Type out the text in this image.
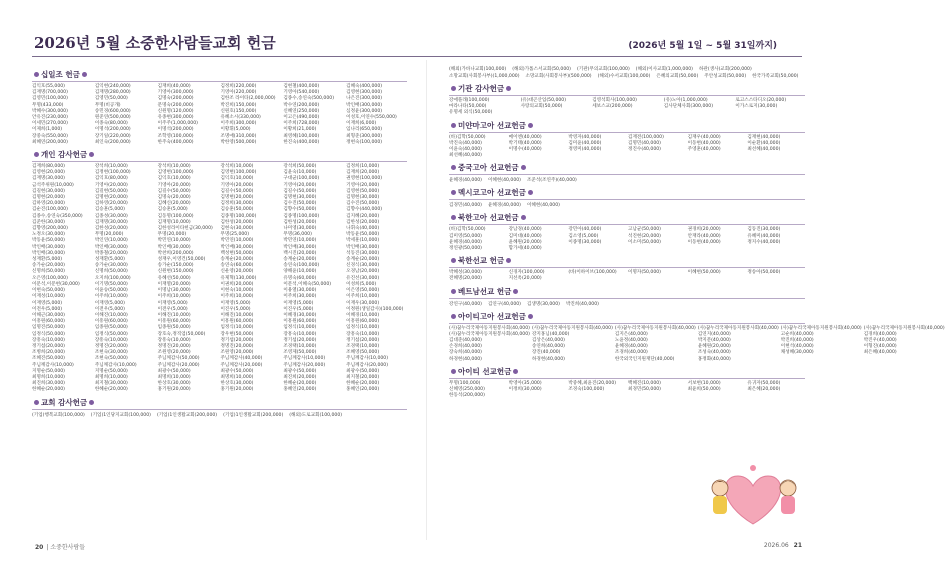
2026년 5월 소중한사람들교회 헌금	(2026년 5월 1일 ~ 5월 31일까지)
십일조 헌금
김익호(55,000)	김익현(240,000)	김재희(40,000)	김정희(220,000)	김현철(400,000)	김혜숙(400,000)
김재명(700,000)	김재명(280,000)	기영아(300,000)	기영아(220,000)	기영아(540,000)	김영현(300,000)
김영민(100,000)	김영민(50,000)	김명숙(200,000)	김한조 라이타(2,000,000)	김종수,송연숙(500,000)	나은진(300,000)
무명(433,000)	무명(비공개)	문명숙(200,000)	박진희(150,000)	박수연(200,000)	박인배(300,000)
박혜수(300,000)	송민경(600,000)	신원명(120,000)	신원호(150,000)	신혜연(250,000)	심정윤(300,000)
안유진(230,000)	원준연(500,000)	유종현(300,000)	유혜소시(330,000)	이고은(490,000)	이성호,이연수(550,000)
이세민(270,000)	이종숙(80,000)	이주주(1,000,000)	이주희(300,000)	이주희(728,000)	이재희(6,000)
이제희(1,000)	이명석(200,000)	이명석(200,000)	이황휘(5,000)	이황희(21,000)	임나리(650,000)
장중숙(550,000)	장기일(220,000)	조학영(100,000)	조명애(310,000)	최영혜(100,000)	최형준(300,000)
최혜연(200,000)	최인숙(200,000)	한주숙(400,000)	박한영(500,000)	한진숙(400,000)	정현숙(100,000)
개인 감사헌금
김재희(80,000)	강석희(10,000)	강석희(10,000)	강석희(10,000)	강석희(50,000)	김정희(10,000)
김영현(20,000)	김정현(100,000)	김영현(100,000)	김영현(100,000)	김윤숙(10,000)	김재희(20,000)
김재명(30,000)	김익호(80,000)	김익호(10,000)	김익호(10,000)	구대균(100,000)	권영현(100,000)
금석주위원(10,000)	기영아(20,000)	기영아(20,000)	기영아(20,000)	기영아(20,000)	기영아(20,000)
김길현(30,000)	김길현(50,000)	김길수(50,000)	김길수(50,000)	김길수(50,000)	김영현(50,000)
김명현(20,000)	김명현(20,000)	김명숙(20,000)	김명현(20,000)	김명현(30,000)	김명현(30,000)
김하영(20,000)	김하영(20,000)	김혜신(20,000)	김정희(30,000)	김수진(50,000)	김수진(50,000)
김순진(100,000)	김승훈(5,000)	김승훈(5,000)	김승훈(50,000)	김향수(50,000)	김향수(440,000)
김종수,송연숙(350,000)	김종성(30,000)	김동명(100,000)	김종명(100,000)	김종명(100,000)	김지혜(20,000)
김준한(30,000)	김재명(30,000)	김재명(10,000)	김한성(20,000)	김한성(20,000)	김한성(20,000)
김향영(200,000)	김한성(20,000)	김한성라이타헌금(30,000)	김현숙(30,000)	나미영(30,000)	나휘숙(40,000)
노정오(30,000)	무명(20,000)	무명(20,000)	무명(25,000)	무명(36,000)	박동윤(50,000)
박동윤(50,000)	박인연(10,000)	박민연(10,000)	박민연(10,000)	박민연(10,000)	박세훈(10,000)
박인배(30,000)	박인배(30,000)	박인배(30,000)	박인배(30,000)	박인배(30,000)	박인배(30,000)
박인배(30,000)	박종철(20,000)	박찬희(200,000)	백성현(50,000)	백시진(20,000)	석동진(30,000)
성재환(5,000)	성재환(5,000)	성재우,이영건(50,000)	송계순(20,000)	송계순(20,000)	송계순(20,000)
송가순(20,000)	송가순(30,000)	송가순(150,000)	송연숙(60,000)	송연숙(100,000)	신경식(30,000)
신명희(50,000)	신명희(50,000)	신원현(150,000)	신운영(20,000)	양해윤(10,000)	오경남(20,000)
오은영(100,000)	오지희(100,000)	유혜선(50,000)	유제혁(130,000)	유명숙(60,000)	유진선(30,000)
이문석,이문현(30,000)	이기명(50,000)	이재열(20,000)	이권희(20,000)	이문석,이혜숙(50,000)	이성희(5,000)
이현숙(50,000)	이윤승(50,000)	이명남(30,000)	이현숙(10,000)	이용열(30,000)	이은영(50,000)
이재성(10,000)	이주희(10,000)	이주희(10,000)	이주희(10,000)	이주희(30,000)	이주희(10,000)
이재영(5,000)	이재영(5,000)	이재영(5,000)	이재영(5,000)	이재영(5,000)	이재우(30,000)
이전우(5,000)	이전우(5,000)	이전우(5,000)	이진우(5,000)	이진우(5,000)	이정원(생일감사)(100,000)
이해근(30,000)	이해진(10,000)	이해진(10,000)	이해진(10,000)	이혜경(30,000)	이혜경(10,000)
이흥원(60,000)	이흥원(60,000)	이흥원(60,000)	이흥원(60,000)	이흥원(60,000)	이흥원(60,000)
임명진(50,000)	임종원(50,000)	임종원(50,000)	임정식(10,000)	임정식(10,000)	임정식(10,000)
임정식(50,000)	임정식(50,000)	장호숙,정직엄(50,000)	장우현(50,000)	장흥숙(10,000)	장흥숙(10,000)
장흥숙(10,000)	장흥숙(10,000)	장흥숙(10,000)	정기섭(20,000)	정기섭(20,000)	정기섭(20,000)
정기섭(20,000)	정명진(20,000)	정명진(20,000)	정명진(20,000)	조경택(10,000)	조경택(10,000)
조병희(20,000)	조현숙(30,000)	조원영(20,000)	조원영(20,000)	조영제(50,000)	조혜영(50,000)
조혜진(50,000)	조현숙(50,000)	주님께감사(50,000)	주님께감사(40,000)	주님께감사(10,000)	주님께감사(10,000)
주님께감사(10,000)	주님께감사(10,000)	주님께감사(20,000)	주님께감사(20,000)	주님께감사(20,000)	주님께감사(20,000)
지명순(50,000)	지명순(50,000)	최광수(50,000)	최광수(50,000)	최광수(50,000)	최광수(50,000)
최명희(10,000)	최명희(10,000)	최명희(10,000)	최명희(10,000)	최진희(20,000)	최지철(20,000)
최진희(30,000)	최지철(30,000)	한상호(30,000)	한상호(30,000)	한혜순(20,000)	한혜순(20,000)
한혜순(20,000)	한혜순(20,000)	홍기원(20,000)	홍기원(20,000)	홍혜인(20,000)	홍혜인(20,000)
교회 감사헌금
(기업)행복교회(100,000) (기업)1인당지교회(100,000) (기업)1인생활교회(200,000) (기업)1인생활교회(200,000) (해외)도로교회(100,000)
(해외)가바나교회(100,000) (해외)가톨스서교회(50,000) (기관)무의교회(100,000) (해외)이사교회(1,000,000) 하관(생사)교회(200,000)소망교회(사회봉사부)(1,000,000) 소망교회(사회봉사부)(500,000) (해외)수서교회(100,000) 은혜의교회(50,000) 주안성교회(50,000) 한국가족교회(50,000)
기관 감사헌금
강애플래(100,000)	(유)대곤산업(50,000)	김영석회사(100,000)	(유)노아(1,000,000)	로고스스타디오(20,000)
마라나타(50,000)	사랑의교회(50,000)	세보스교(200,000)	김사단체사회(300,000)	이가스로지(30,000)
유명세 외식(50,000)
미얀마고아 선교헌금
(바)김학(50,000)	메이엔(40,000)	박영자(40,000)	김재전(100,000)	김재우(40,000)	김재현(40,000)
박진숙(40,000)	박기태(40,000)	김미윤(40,000)	김명민(40,000)	이동현(40,000)	이순환(40,000)
이윤숙(40,000)	이명수(40,000)	정영미(40,000)	정진수(40,000)	주영훈(40,000)	최선혜(40,000)
최선혜(40,000)
중국고아 선교헌금
윤혜경(40,000) 이혜현(40,000) 조준석(조연주)(40,000)
멕시코고아 선교헌금
김경민(40,000) 윤혜경(40,000) 이혜현(40,000)
북한고아 선교헌금
(바)김학(50,000)	강남경(40,000)	강민아(40,000)	고남균(50,000)	권경희(20,000)	김동진(30,000)
김미영(50,000)	김미대(40,000)	김소영(5,000)	석진현(20,000)	안재라(40,000)	유혜미(40,000)
윤혜경(40,000)	윤혜원(20,000)	이종명(30,000)	이소미(50,000)	이동현(40,000)	정지수(40,000)
정연광(50,000)	함가세(40,000)
북한선교 헌금
박혜성(30,000)	신경자(100,000)	(바)이하이브(100,000)	이명자(50,000)	이혜현(50,000)	정송아(50,000)
전혜명(20,000)	지선옥(20,000)
베트남선교 헌금
강연구(40,000) 김연구(40,000) 김생명(30,000) 박진희(40,000)
아이티고아 선교헌금
(사)꿈누리국제아동지원봉사회(40,000) (사)꿈누리국제아동지원봉사회(40,000) (사)꿈누리국제아동지원봉사회(40,000) (사)꿈누리국제아동지원봉사회(40,000) (사)꿈누리국제아동지원봉사회(40,000) (사)꿈누리국제아동지원봉사회(40,000)
(사)꿈누리국제아동지원봉사회(40,000) 강지홍님(40,000)	김지은(40,000)	김연지(40,000)	고순희(40,000)	김경희(40,000)
김대준(40,000)	김상은(40,000)	노윤정(40,000)	박지문(40,000)	박진희(40,000)	박진우(40,000)
손경희(40,000)	송연희(40,000)	윤혜경(40,000)	윤혜원(20,000)	이현석(40,000)	이형진(40,000)
장숙희(40,000)	장진(40,000)	조경희(40,000)	조성숙(40,000)	채성혜(30,000)	최은혜(40,000)
하경현(40,000)	하경현(40,000)	한국외국인지원재단(40,000)	홍정화(40,000)
아이티 선교헌금
무명(100,000)	박영아(35,000)	박중혜,최윤진(20,000)	백혜진(10,000)	서보현(10,000)	유귀자(50,000)
신혜영(250,000)	이정희(30,000)	조경숙(100,000)	최경민(50,000)	최윤희(50,000)	최은혜(20,000)
한동석(200,000)
20 | 소중한사람들	2026.06 21
